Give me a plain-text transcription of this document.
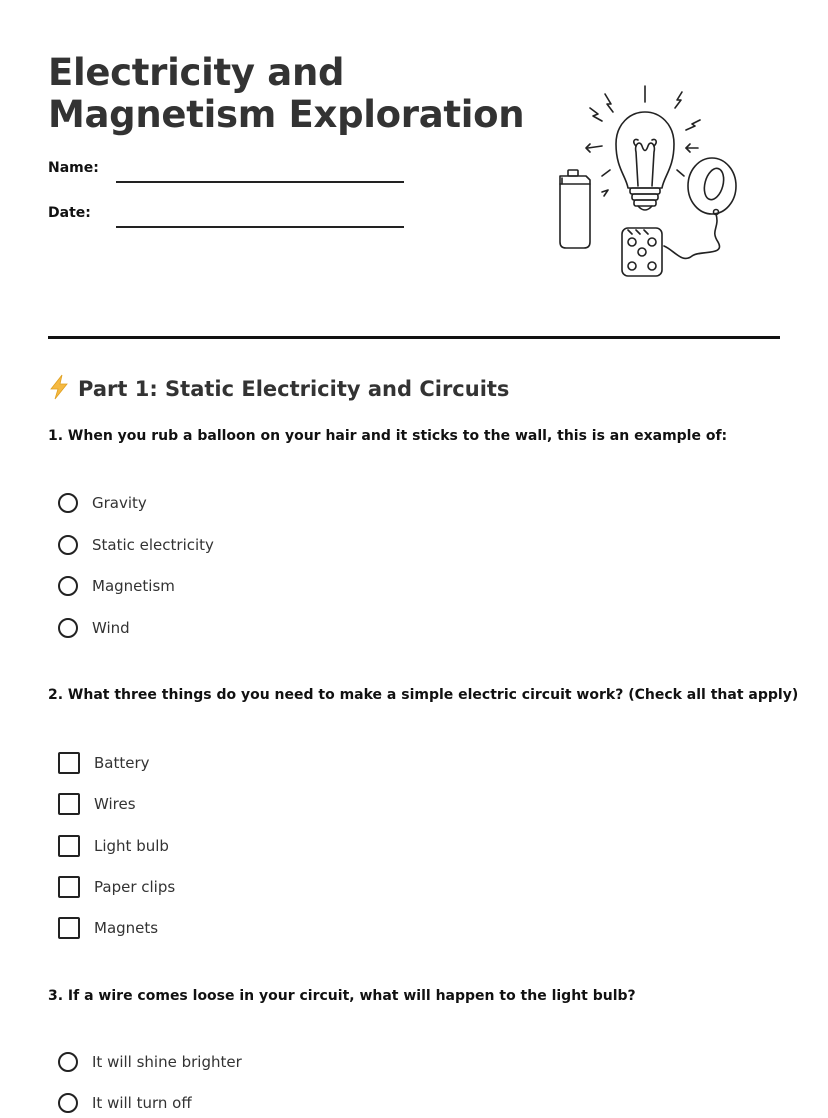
Electricity and
Magnetism Exploration
Name:
Date:
Part 1: Static Electricity and Circuits

1. When you rub a balloon on your hair and it sticks to the wall, this is an example of:

Gravity
Static electricity
Magnetism
Wind

2. What three things do you need to make a simple electric circuit work? (Check all that apply)

Battery
Wires
Light bulb
Paper clips
Magnets

3. If a wire comes loose in your circuit, what will happen to the light bulb?

It will shine brighter
It will turn off
